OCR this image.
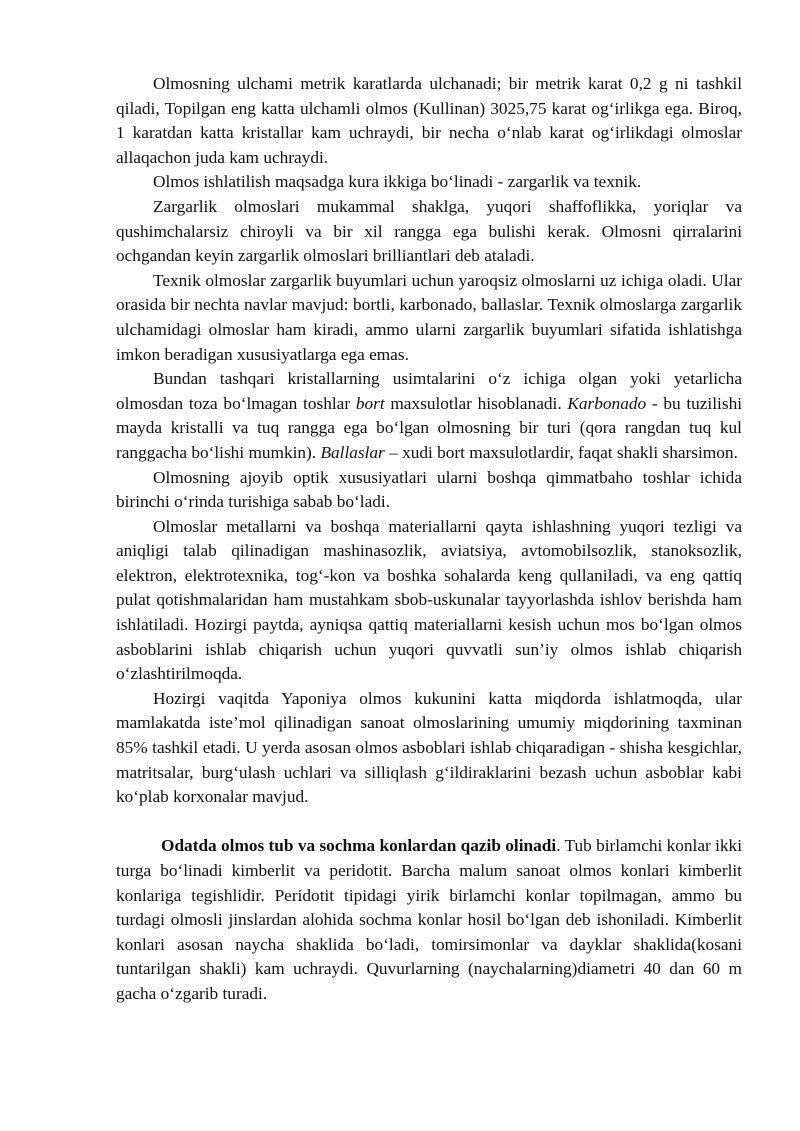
Olmosning ulchami metrik karatlarda ulchanadi; bir metrik karat 0,2 g ni tashkil qiladi, Topilgan eng katta ulchamli olmos (Kullinan) 3025,75 karat og‘irlikga ega. Biroq, 1 karatdan katta kristallar kam uchraydi, bir necha o‘nlab karat og‘irlikdagi olmoslar allaqachon juda kam uchraydi.

Olmos ishlatilish maqsadga kura ikkiga bo‘linadi - zargarlik va texnik.

Zargarlik olmoslari mukammal shaklga, yuqori shaffoflikka, yoriqlar va qushimchalarsiz chiroyli va bir xil rangga ega bulishi kerak. Olmosni qirralarini ochgandan keyin zargarlik olmoslari brilliantlari deb ataladi.

Texnik olmoslar zargarlik buyumlari uchun yaroqsiz olmoslarni uz ichiga oladi. Ular orasida bir nechta navlar mavjud: bortli, karbonado, ballaslar. Texnik olmoslarga zargarlik ulchamidagi olmoslar ham kiradi, ammo ularni zargarlik buyumlari sifatida ishlatishga imkon beradigan xususiyatlarga ega emas.

Bundan tashqari kristallarning usimtalarini o‘z ichiga olgan yoki yetarlicha olmosdan toza bo‘lmagan toshlar bort maxsulotlar hisoblanadi. Karbonado - bu tuzilishi mayda kristalli va tuq rangga ega bo‘lgan olmosning bir turi (qora rangdan tuq kul ranggacha bo‘lishi mumkin). Ballaslar – xudi bort maxsulotlardir, faqat shakli sharsimon.

Olmosning ajoyib optik xususiyatlari ularni boshqa qimmatbaho toshlar ichida birinchi o‘rinda turishiga sabab bo‘ladi.

Olmoslar metallarni va boshqa materiallarni qayta ishlashning yuqori tezligi va aniqligi talab qilinadigan mashinasozlik, aviatsiya, avtomobilsozlik, stanoksozlik, elektron, elektrotexnika, tog‘-kon va boshka sohalarda keng qullaniladi, va eng qattiq pulat qotishmalaridan ham mustahkam sbob-uskunalar tayyorlashda ishlov berishda ham ishlatiladi. Hozirgi paytda, ayniqsa qattiq materiallarni kesish uchun mos bo‘lgan olmos asboblarini ishlab chiqarish uchun yuqori quvvatli sun’iy olmos ishlab chiqarish o‘zlashtirilmoqda.

Hozirgi vaqitda Yaponiya olmos kukunini katta miqdorda ishlatmoqda, ular mamlakatda iste’mol qilinadigan sanoat olmoslarining umumiy miqdorining taxminan 85% tashkil etadi. U yerda asosan olmos asboblari ishlab chiqaradigan - shisha kesgichlar, matritsalar, burg‘ulash uchlari va silliqlash g‘ildiraklarini bezash uchun asboblar kabi ko‘plab korxonalar mavjud.

Odatda olmos tub va sochma konlardan qazib olinadi. Tub birlamchi konlar ikki turga bo‘linadi kimberlit va peridotit. Barcha malum sanoat olmos konlari kimberlit konlariga tegishlidir. Peridotit tipidagi yirik birlamchi konlar topilmagan, ammo bu turdagi olmosli jinslardan alohida sochma konlar hosil bo‘lgan deb ishoniladi. Kimberlit konlari asosan naycha shaklida bo‘ladi, tomirsimonlar va dayklar shaklida(kosani tuntarilgan shakli) kam uchraydi. Quvurlarning (naychalarning)diametri 40 dan 60 m gacha o‘zgarib turadi.
